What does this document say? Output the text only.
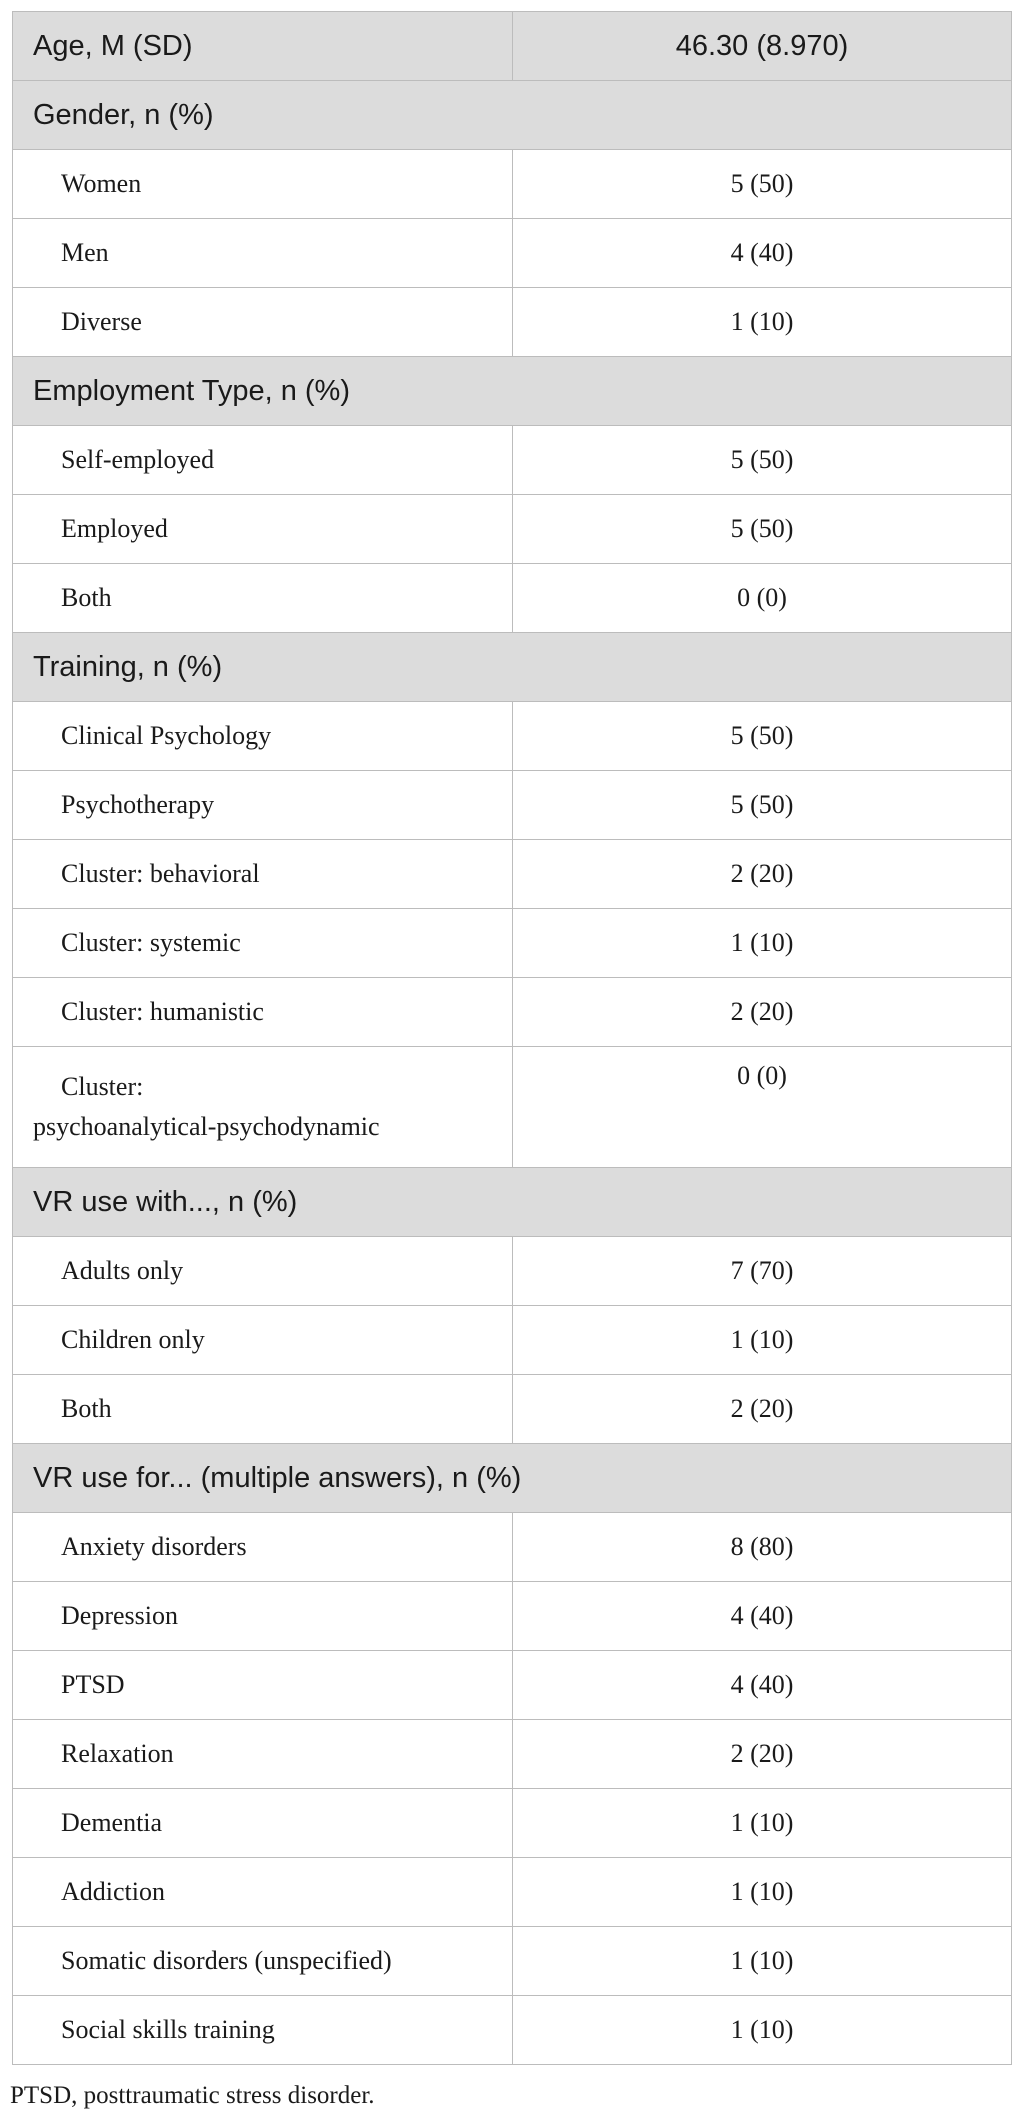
Age, M (SD)	46.30 (8.970)
Gender, n (%)	
Women	5 (50)
Men	4 (40)
Diverse	1 (10)
Employment Type, n (%)	
Self-employed	5 (50)
Employed	5 (50)
Both	0 (0)
Training, n (%)	
Clinical Psychology	5 (50)
Psychotherapy	5 (50)
Cluster: behavioral	2 (20)
Cluster: systemic	1 (10)
Cluster: humanistic	2 (20)
Cluster:
psychoanalytical-psychodynamic	0 (0)
VR use with..., n (%)	
Adults only	7 (70)
Children only	1 (10)
Both	2 (20)
VR use for... (multiple answers), n (%)	
Anxiety disorders	8 (80)
Depression	4 (40)
PTSD	4 (40)
Relaxation	2 (20)
Dementia	1 (10)
Addiction	1 (10)
Somatic disorders (unspecified)	1 (10)
Social skills training	1 (10)
PTSD, posttraumatic stress disorder.
